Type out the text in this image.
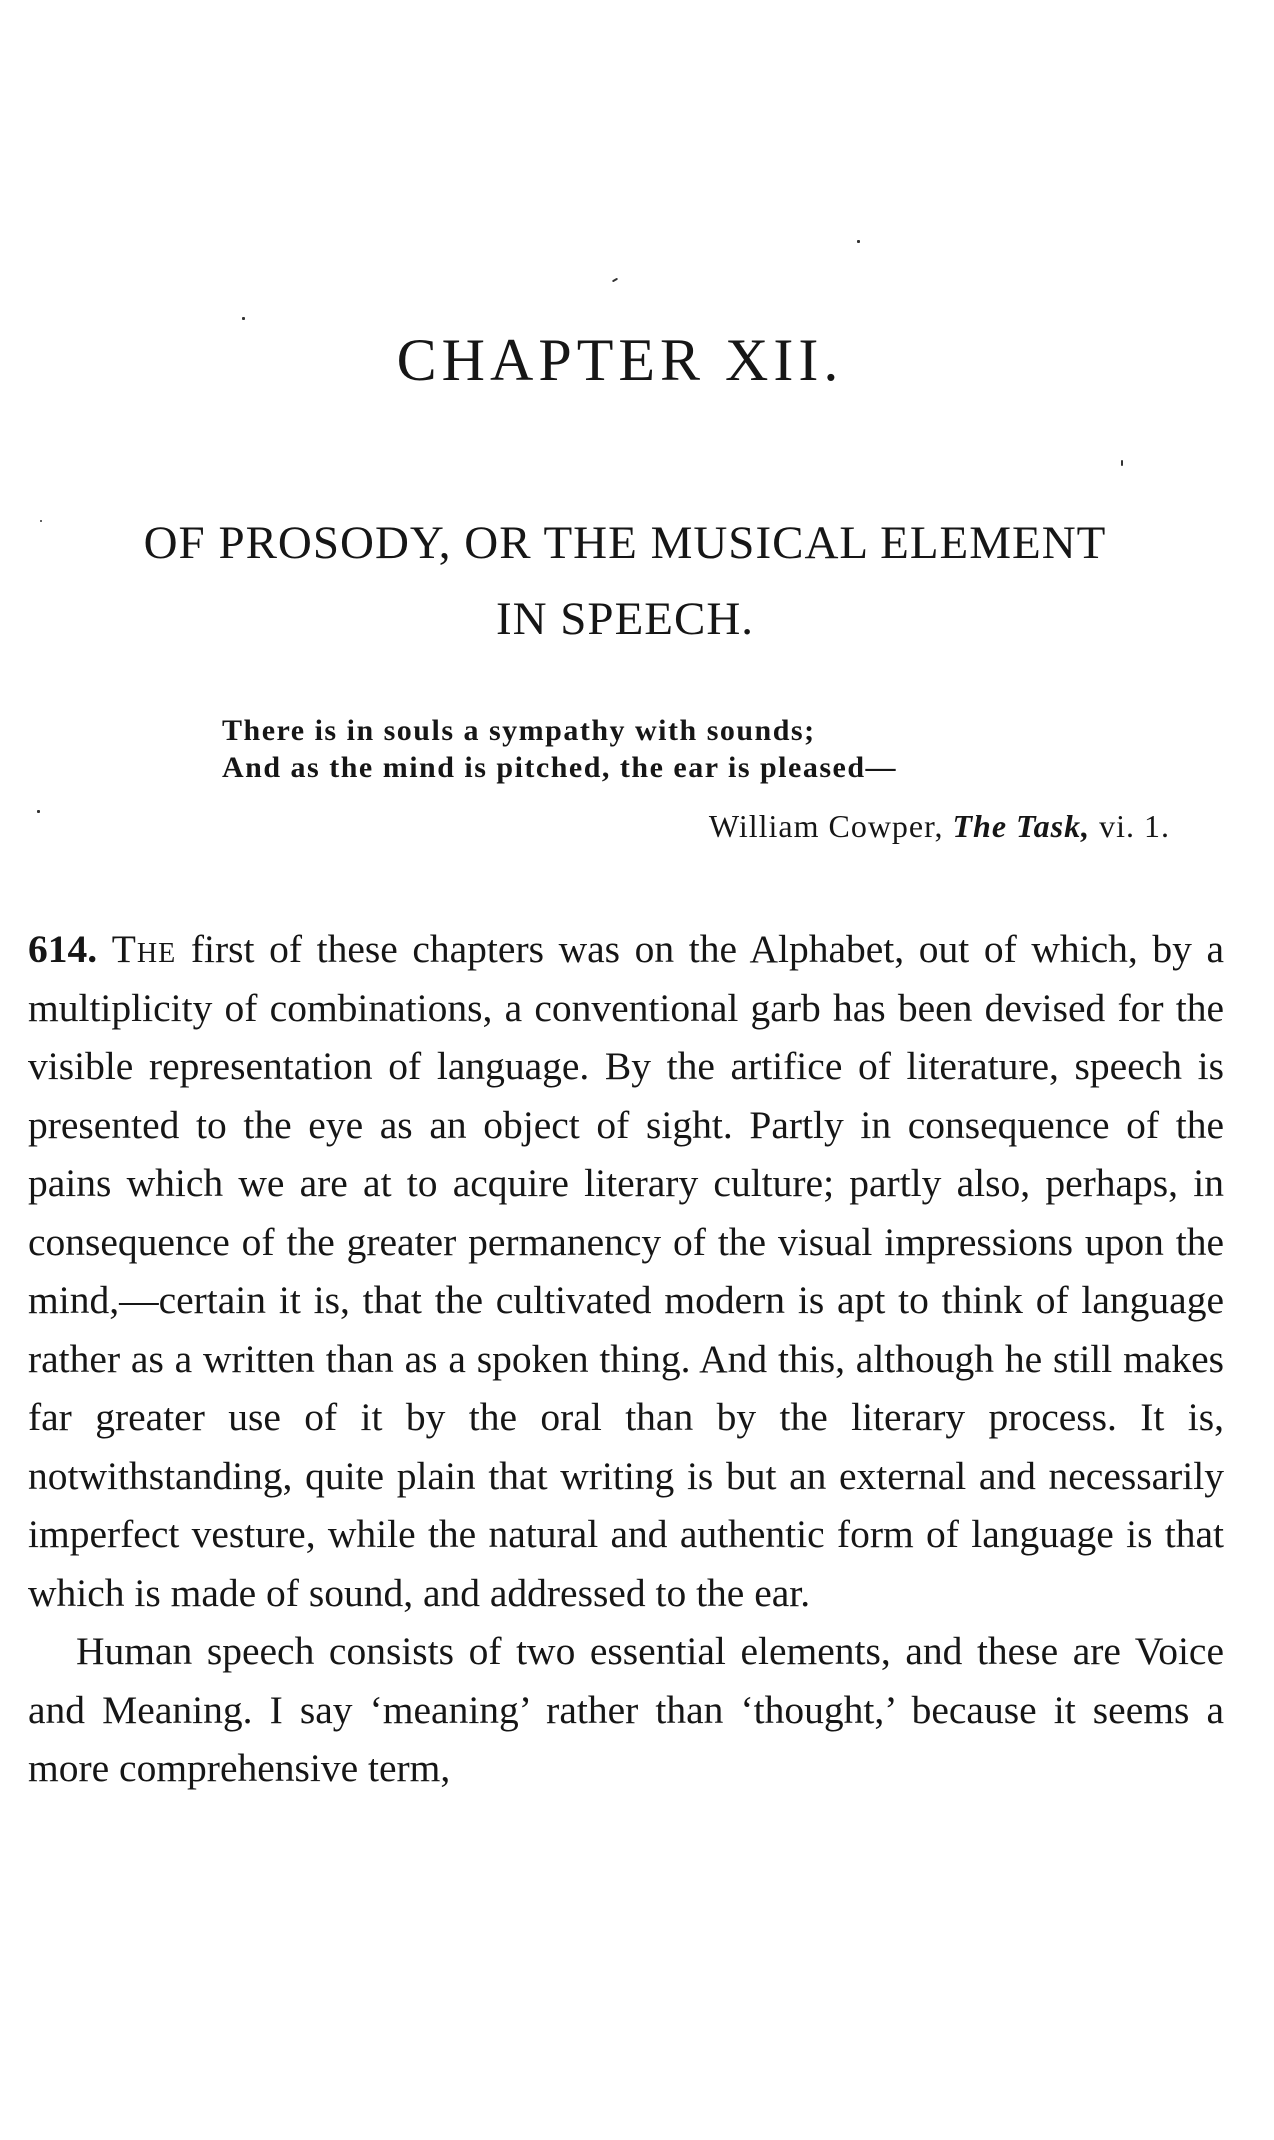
CHAPTER XII.
OF PROSODY, OR THE MUSICAL ELEMENT
IN SPEECH.
There is in souls a sympathy with sounds;
And as the mind is pitched, the ear is pleased—
William Cowper, The Task, vi. 1.

614. The first of these chapters was on the Alphabet, out of which, by a multiplicity of combinations, a conventional garb has been devised for the visible representation of language. By the artifice of literature, speech is presented to the eye as an object of sight. Partly in consequence of the pains which we are at to acquire literary culture; partly also, perhaps, in consequence of the greater permanency of the visual impressions upon the mind,—certain it is, that the cultivated modern is apt to think of language rather as a written than as a spoken thing. And this, although he still makes far greater use of it by the oral than by the literary process. It is, notwithstanding, quite plain that writing is but an external and necessarily imperfect vesture, while the natural and authentic form of language is that which is made of sound, and addressed to the ear.

Human speech consists of two essential elements, and these are Voice and Meaning. I say ‘meaning’ rather than ‘thought,’ because it seems a more comprehensive term,
